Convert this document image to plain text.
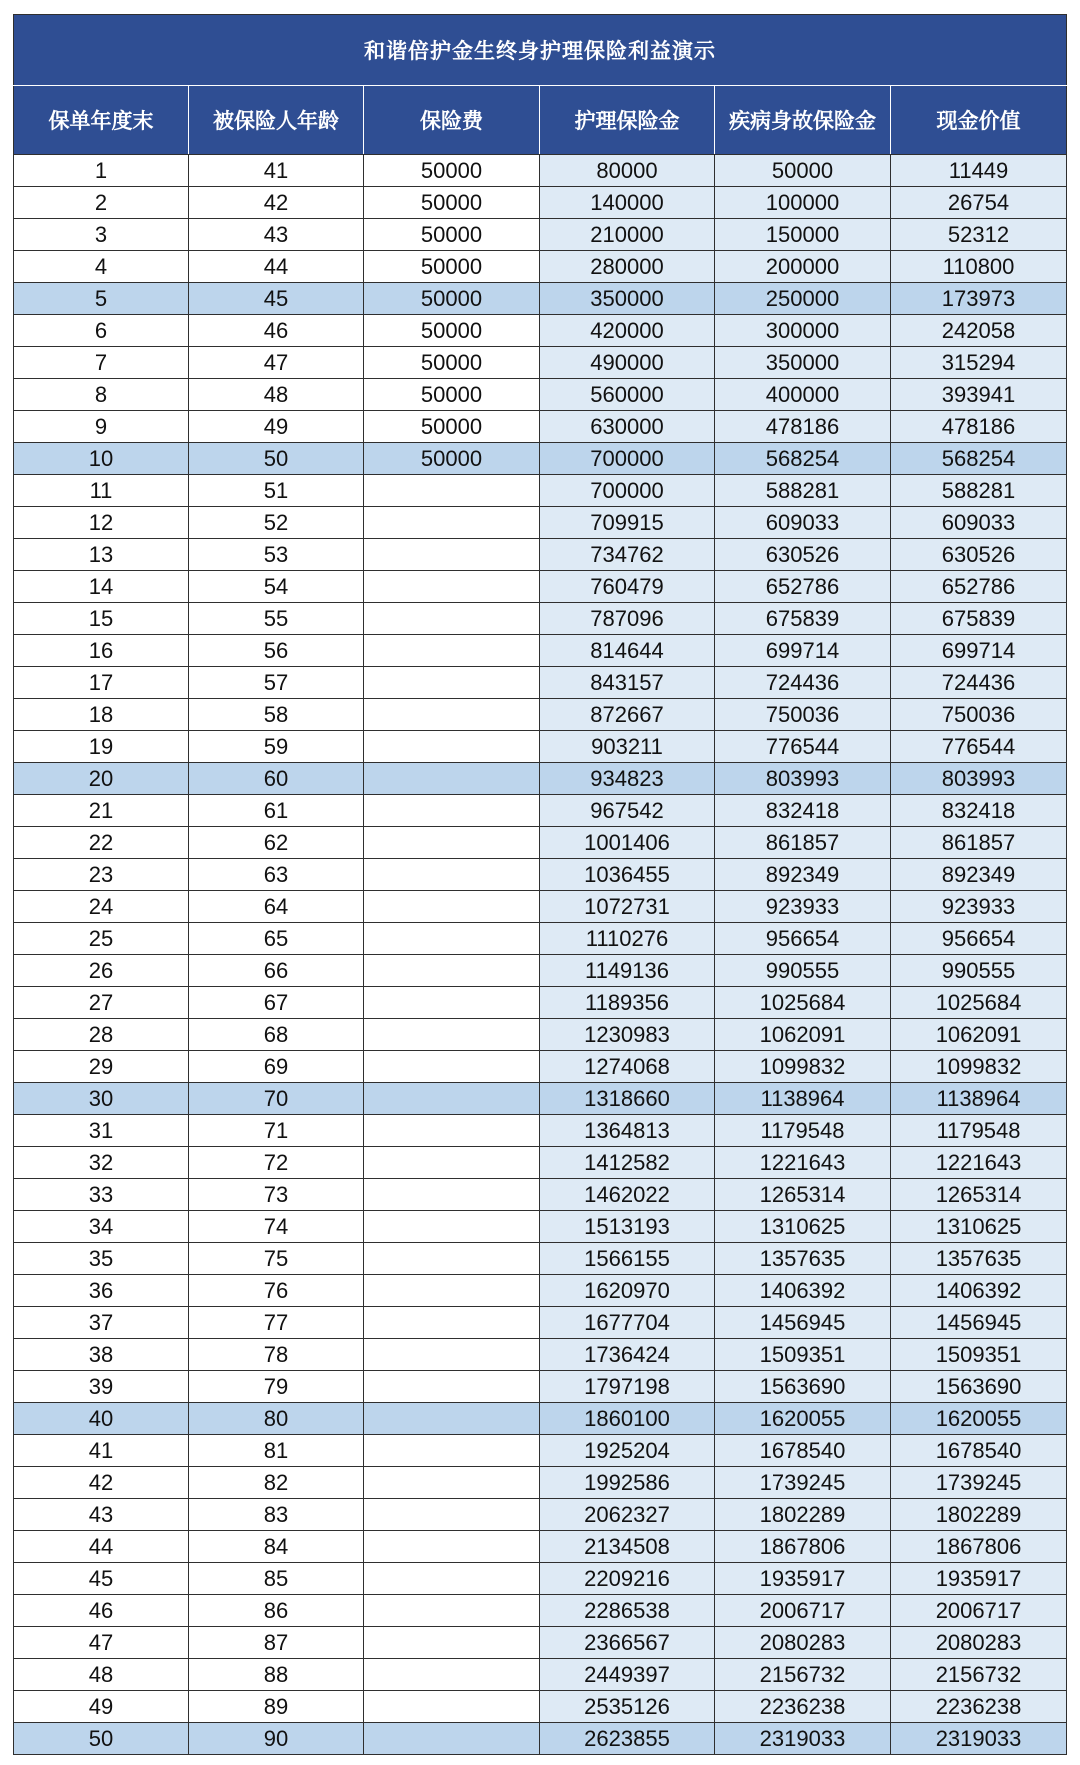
和谐倍护金生终身护理保险利益演示					
保单年度末	被保险人年龄	保险费	护理保险金	疾病身故保险金	现金价值
1	41	50000	80000	50000	11449
2	42	50000	140000	100000	26754
3	43	50000	210000	150000	52312
4	44	50000	280000	200000	110800
5	45	50000	350000	250000	173973
6	46	50000	420000	300000	242058
7	47	50000	490000	350000	315294
8	48	50000	560000	400000	393941
9	49	50000	630000	478186	478186
10	50	50000	700000	568254	568254
11	51		700000	588281	588281
12	52		709915	609033	609033
13	53		734762	630526	630526
14	54		760479	652786	652786
15	55		787096	675839	675839
16	56		814644	699714	699714
17	57		843157	724436	724436
18	58		872667	750036	750036
19	59		903211	776544	776544
20	60		934823	803993	803993
21	61		967542	832418	832418
22	62		1001406	861857	861857
23	63		1036455	892349	892349
24	64		1072731	923933	923933
25	65		1110276	956654	956654
26	66		1149136	990555	990555
27	67		1189356	1025684	1025684
28	68		1230983	1062091	1062091
29	69		1274068	1099832	1099832
30	70		1318660	1138964	1138964
31	71		1364813	1179548	1179548
32	72		1412582	1221643	1221643
33	73		1462022	1265314	1265314
34	74		1513193	1310625	1310625
35	75		1566155	1357635	1357635
36	76		1620970	1406392	1406392
37	77		1677704	1456945	1456945
38	78		1736424	1509351	1509351
39	79		1797198	1563690	1563690
40	80		1860100	1620055	1620055
41	81		1925204	1678540	1678540
42	82		1992586	1739245	1739245
43	83		2062327	1802289	1802289
44	84		2134508	1867806	1867806
45	85		2209216	1935917	1935917
46	86		2286538	2006717	2006717
47	87		2366567	2080283	2080283
48	88		2449397	2156732	2156732
49	89		2535126	2236238	2236238
50	90		2623855	2319033	2319033
